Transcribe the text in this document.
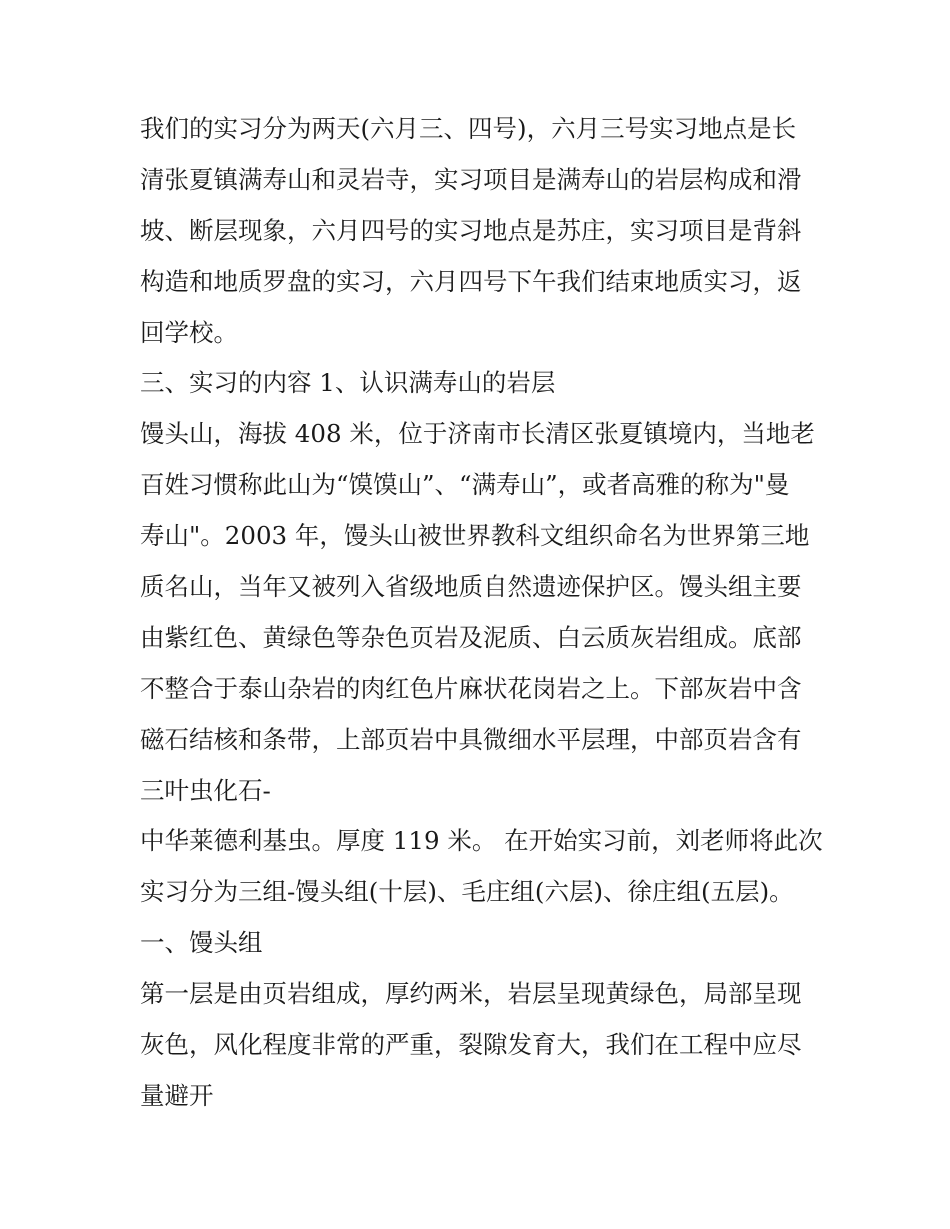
我们的实习分为两天(六月三、四号)，六月三号实习地点是长
清张夏镇满寿山和灵岩寺，实习项目是满寿山的岩层构成和滑
坡、断层现象，六月四号的实习地点是苏庄，实习项目是背斜
构造和地质罗盘的实习，六月四号下午我们结束地质实习，返
回学校。
三、实习的内容 1、认识满寿山的岩层
馒头山，海拔 408 米，位于济南市长清区张夏镇境内，当地老
百姓习惯称此山为“馍馍山”、“满寿山”，或者高雅的称为"曼
寿山"。2003 年，馒头山被世界教科文组织命名为世界第三地
质名山，当年又被列入省级地质自然遗迹保护区。馒头组主要
由紫红色、黄绿色等杂色页岩及泥质、白云质灰岩组成。底部
不整合于泰山杂岩的肉红色片麻状花岗岩之上。下部灰岩中含
磁石结核和条带，上部页岩中具微细水平层理，中部页岩含有
三叶虫化石-
中华莱德利基虫。厚度 119 米。 在开始实习前，刘老师将此次
实习分为三组-馒头组(十层)、毛庄组(六层)、徐庄组(五层)。
一、馒头组
第一层是由页岩组成，厚约两米，岩层呈现黄绿色，局部呈现
灰色，风化程度非常的严重，裂隙发育大，我们在工程中应尽
量避开
